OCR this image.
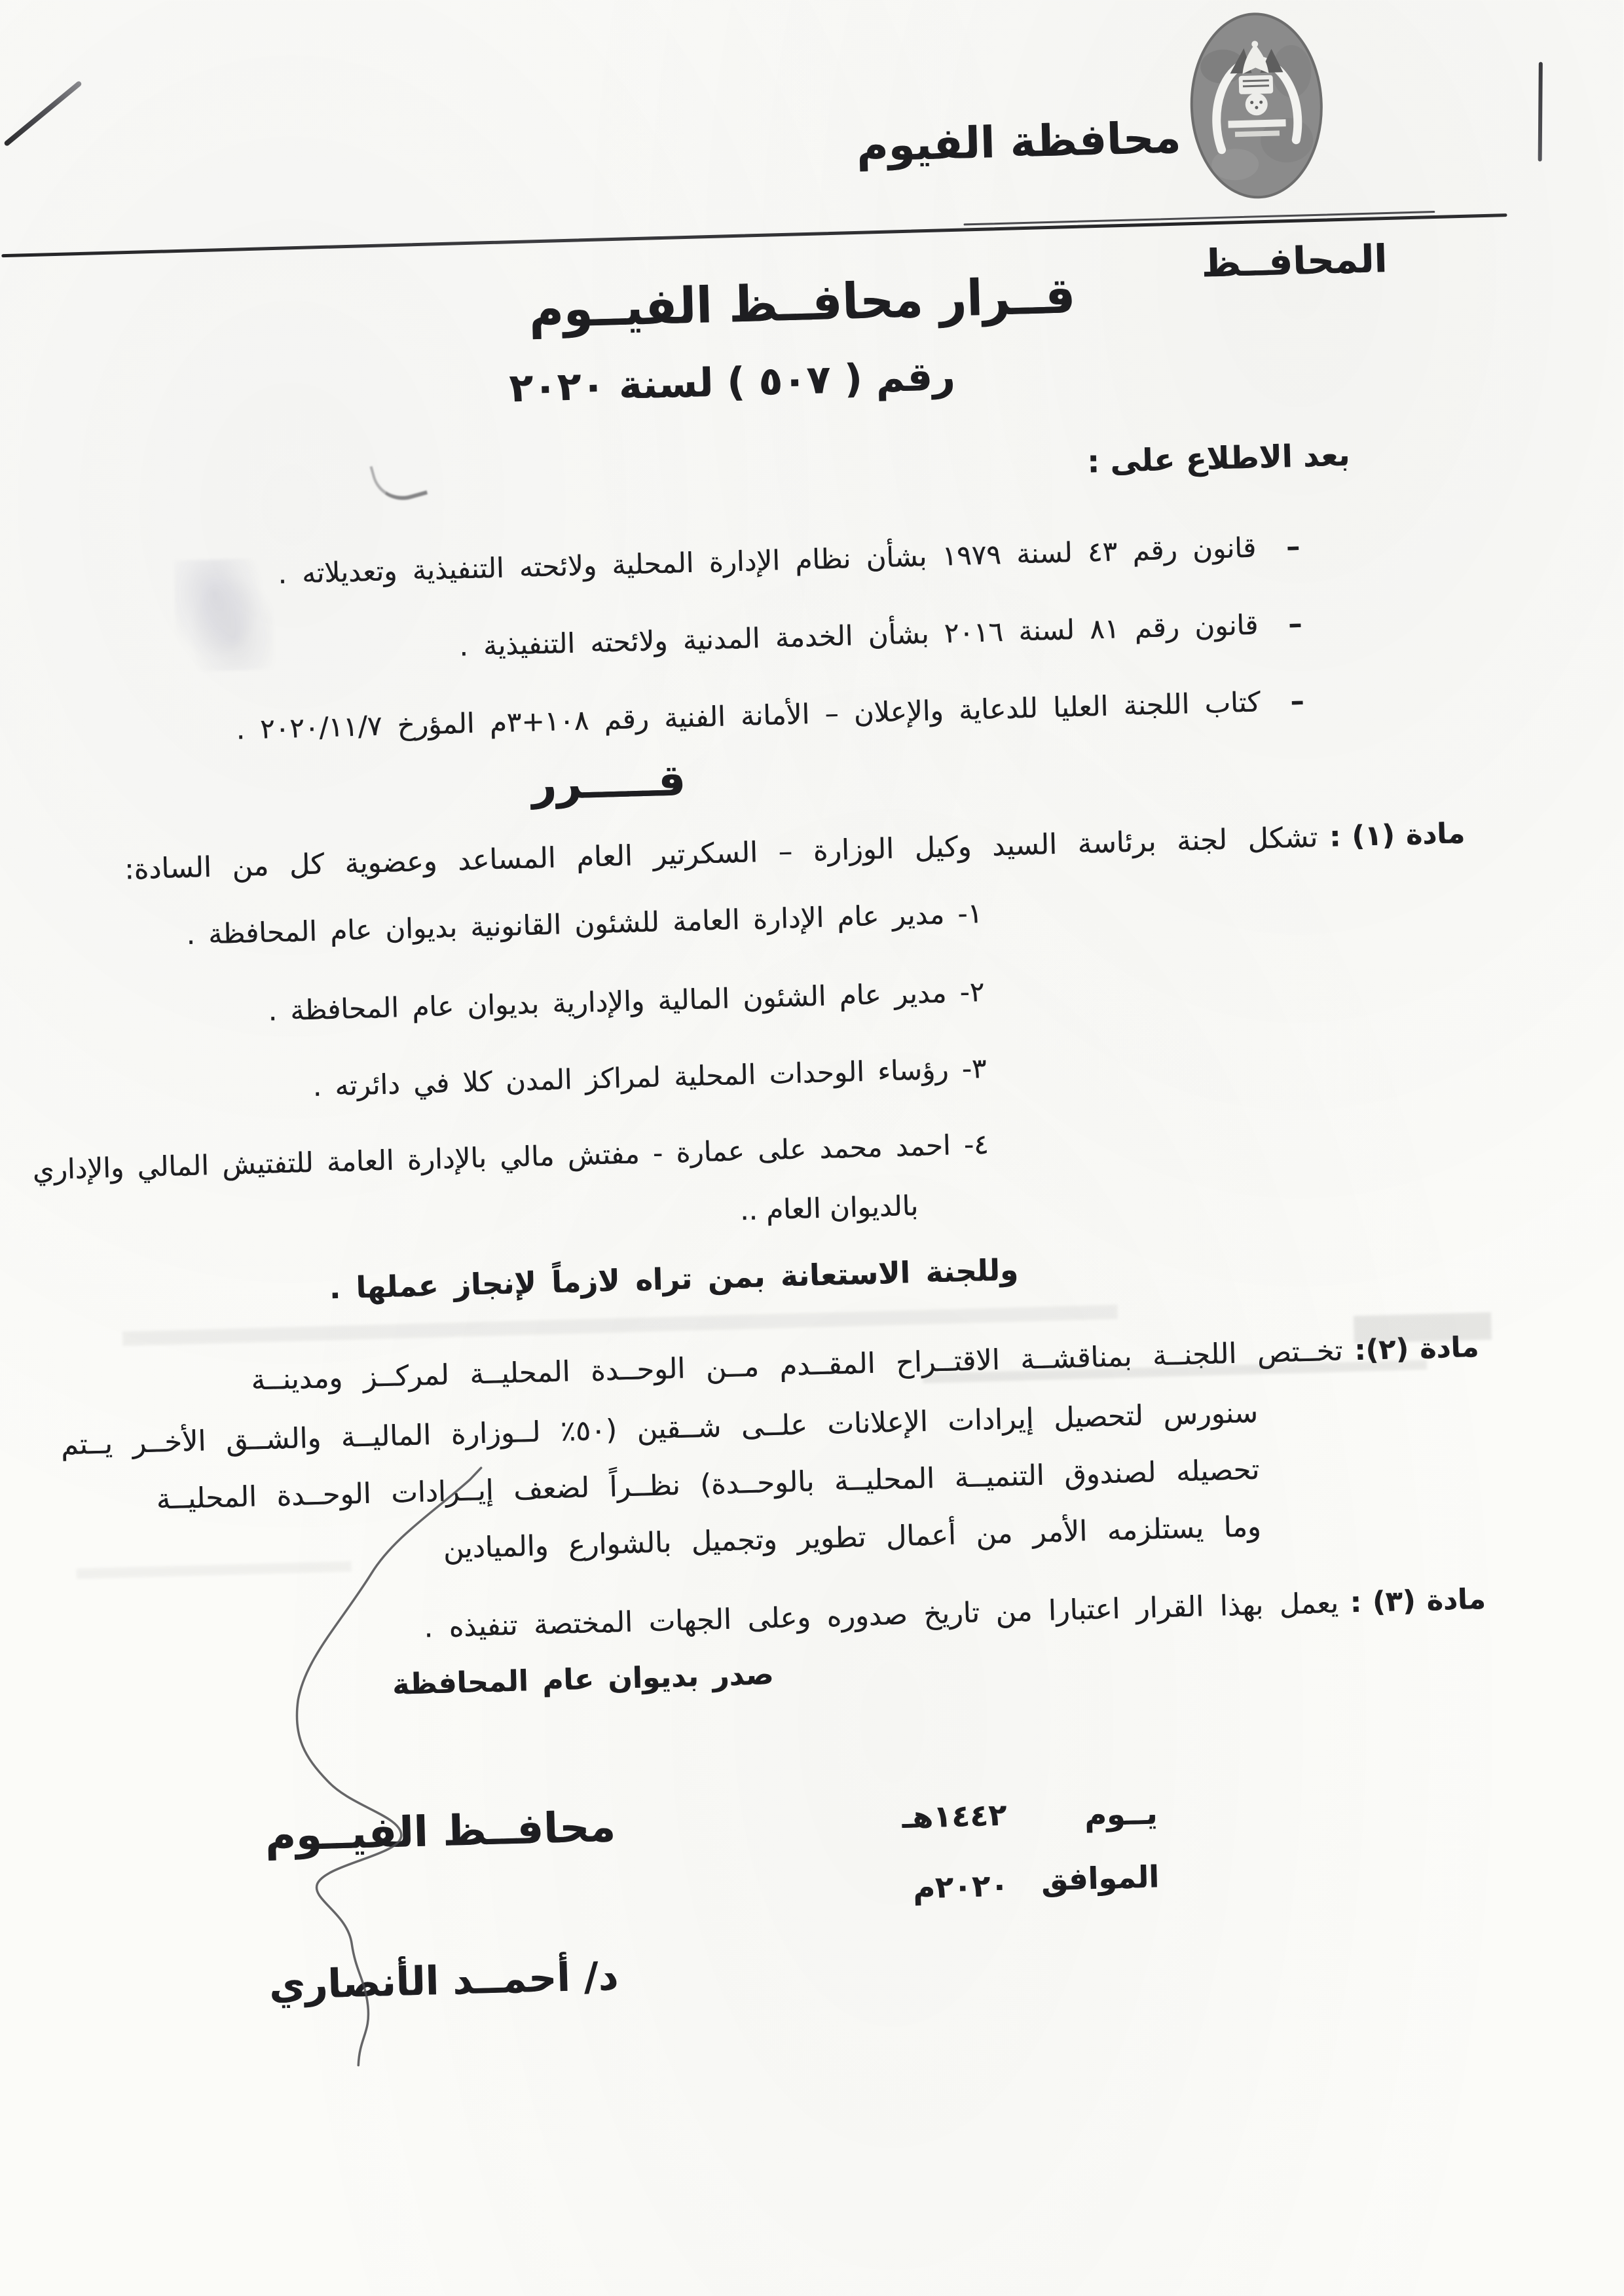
محافظة الفيوم
المحافــظ
قــرار محافــظ الفيــوم
رقم ( ٥٠٧ ) لسنة ٢٠٢٠
بعد الاطلاع على :
–قانون رقم ٤٣ لسنة ١٩٧٩ بشأن نظام الإدارة المحلية ولائحته التنفيذية وتعديلاته .
–قانون رقم ٨١ لسنة ٢٠١٦ بشأن الخدمة المدنية ولائحته التنفيذية .
–كتاب اللجنة العليا للدعاية والإعلان – الأمانة الفنية رقم ١٠٨+٣م المؤرخ ٢٠٢٠/١١/٧ .
قـــــرر
مادة (١) :تشكل لجنة برئاسة السيد وكيل الوزارة – السكرتير العام المساعد وعضوية كل من السادة:
١- مدير عام الإدارة العامة للشئون القانونية بديوان عام المحافظة .
٢- مدير عام الشئون المالية والإدارية بديوان عام المحافظة .
٣- رؤساء الوحدات المحلية لمراكز المدن كلا في دائرته .
٤- احمد محمد على عمارة - مفتش مالي بالإدارة العامة للتفتيش المالي والإداري
بالديوان العام ..
وللجنة الاستعانة بمن تراه لازماً لإنجاز عملها .
مادة (٢):تخــتص اللجنــة بمناقشــة الاقتــراح المقــدم مــن الوحــدة المحليــة لمركــز ومدينــة
سنورس لتحصيل إيرادات الإعلانات علــى شــقين (٥٠٪ لــوزارة الماليــة والشــق الأخــر يــتم
تحصيله لصندوق التنميــة المحليــة بالوحــدة) نظــراً لضعف إيــرادات الوحــدة المحليــة
وما يستلزمه الأمر من أعمال تطوير وتجميل بالشوارع والميادين
مادة (٣) :يعمل بهذا القرار اعتبارا من تاريخ صدوره وعلى الجهات المختصة تنفيذه .
صدر بديوان عام المحافظة
يــوم
١٤٤٢هـ
الموافق
٢٠٢٠م
محافــظ الفيــوم
د/ أحمــد الأنصاري
